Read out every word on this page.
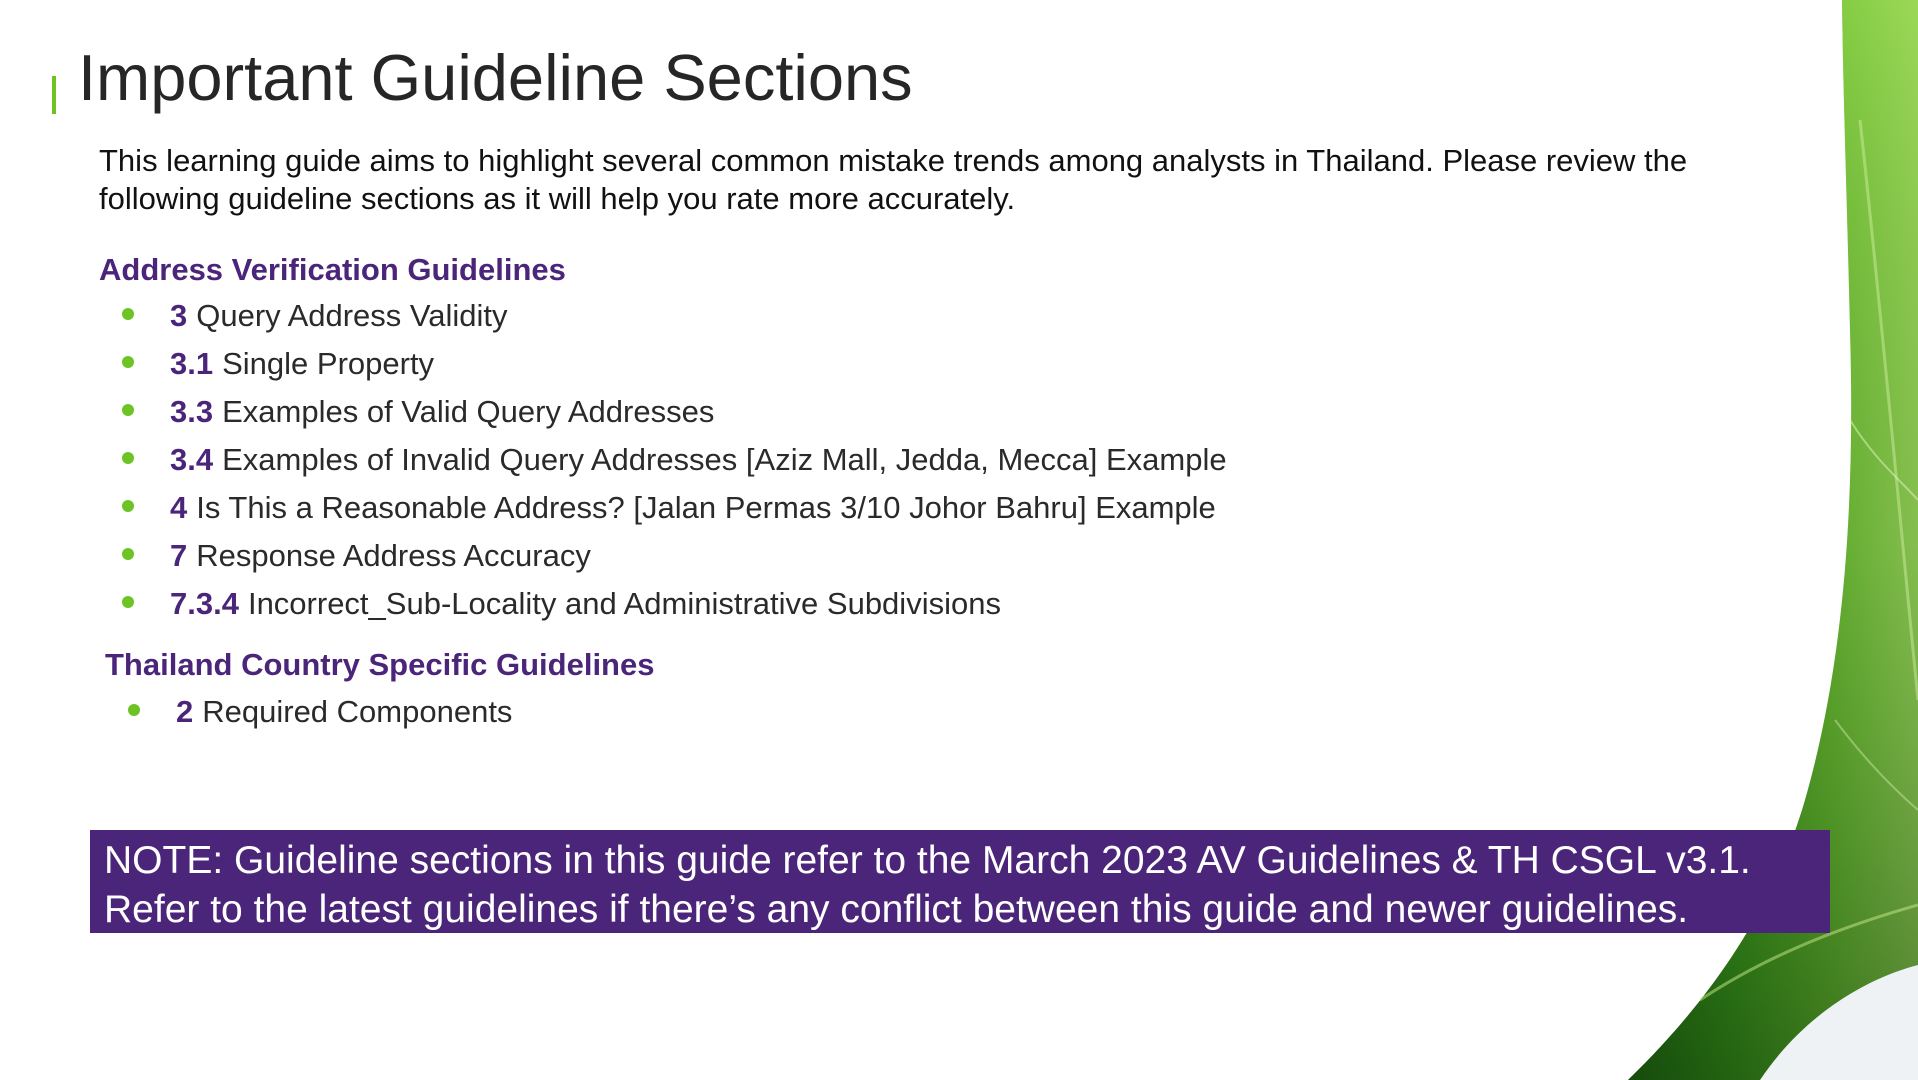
Important Guideline Sections

This learning guide aims to highlight several common mistake trends among analysts in Thailand. Please review the following guideline sections as it will help you rate more accurately.

Address Verification Guidelines
3 Query Address Validity
3.1 Single Property
3.3 Examples of Valid Query Addresses
3.4 Examples of Invalid Query Addresses [Aziz Mall, Jedda, Mecca] Example
4 Is This a Reasonable Address? [Jalan Permas 3/10 Johor Bahru] Example
7 Response Address Accuracy
7.3.4 Incorrect_Sub-Locality and Administrative Subdivisions
Thailand Country Specific Guidelines
2 Required Components
NOTE: Guideline sections in this guide refer to the March 2023 AV Guidelines & TH CSGL v3.1.
Refer to the latest guidelines if there’s any conflict between this guide and newer guidelines.
